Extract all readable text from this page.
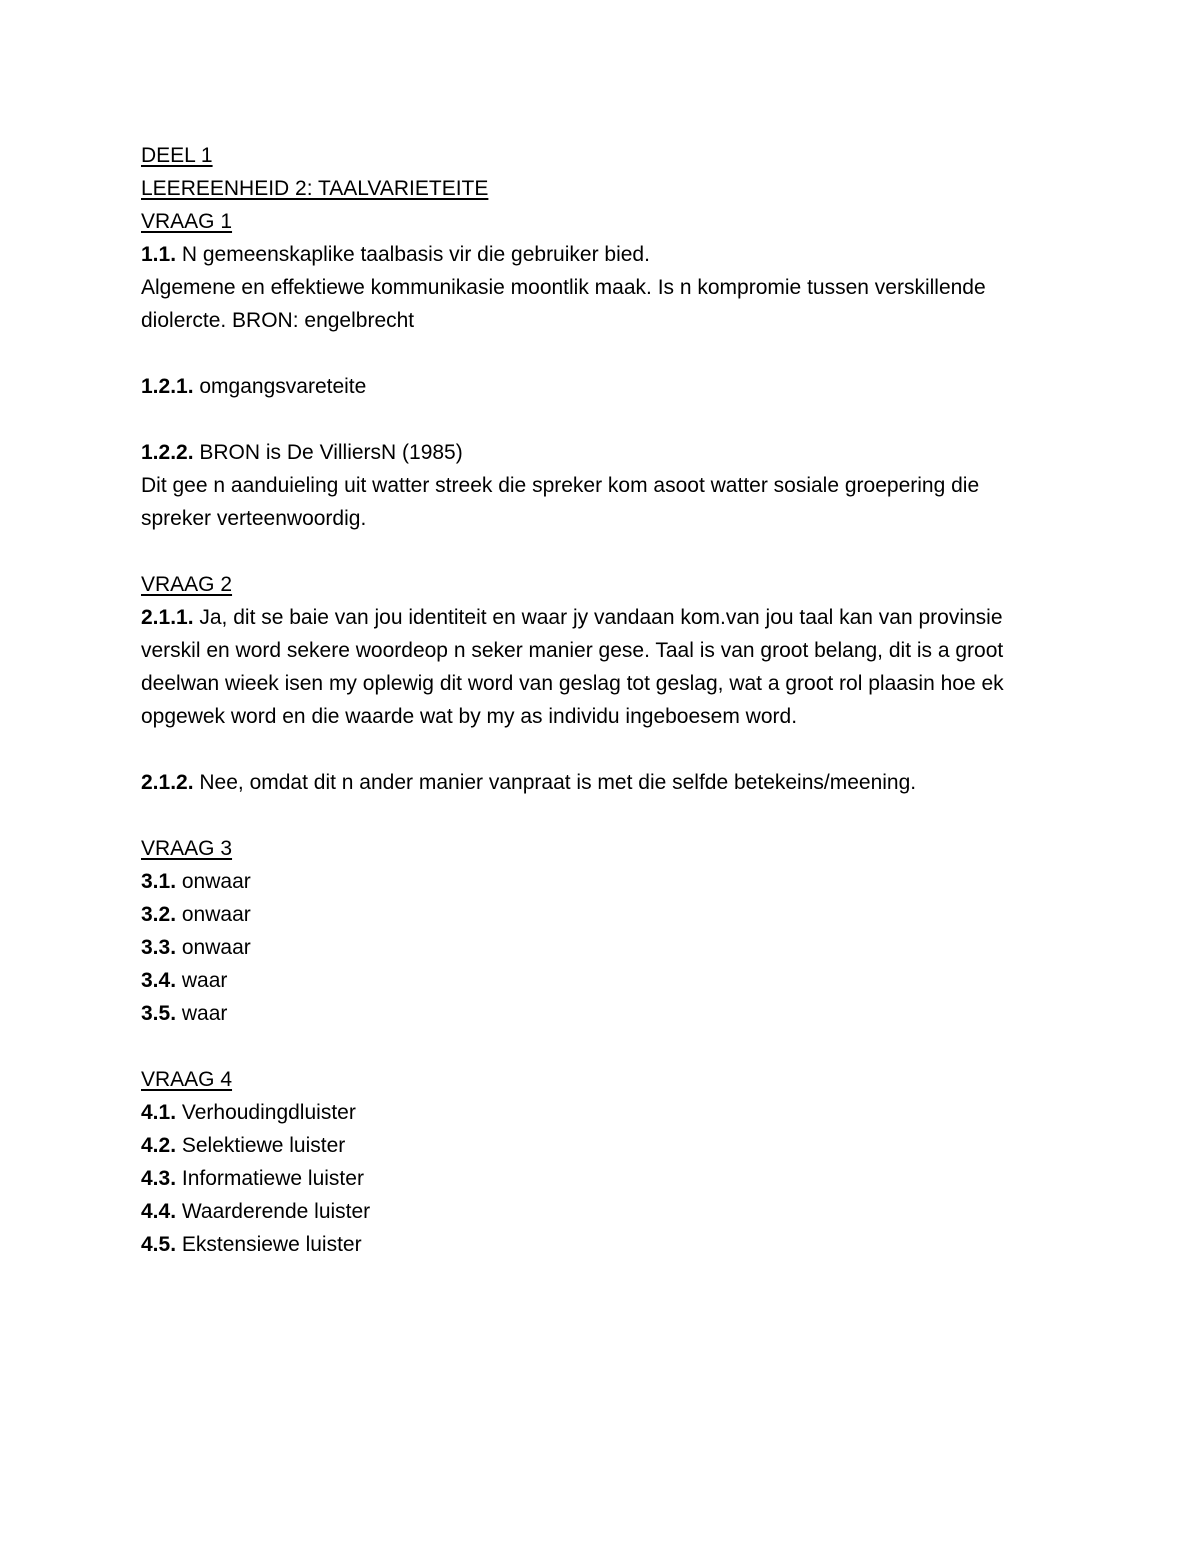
DEEL 1
LEEREENHEID 2: TAALVARIETEITE
VRAAG 1
1.1. N gemeenskaplike taalbasis vir die gebruiker bied.
Algemene en effektiewe kommunikasie moontlik maak. Is n kompromie tussen verskillende
diolercte. BRON: engelbrecht
1.2.1. omgangsvareteite
1.2.2. BRON is De VilliersN (1985)
Dit gee n aanduieling uit watter streek die spreker kom asoot watter sosiale groepering die
spreker verteenwoordig.
VRAAG 2
2.1.1. Ja, dit se baie van jou identiteit en waar jy vandaan kom.van jou taal kan van provinsie
verskil en word sekere woordeop n seker manier gese. Taal is van groot belang, dit is a groot
deelwan wieek isen my oplewig dit word van geslag tot geslag, wat a groot rol plaasin hoe ek
opgewek word en die waarde wat by my as individu ingeboesem word.
2.1.2. Nee, omdat dit n ander manier vanpraat is met die selfde betekeins/meening.
VRAAG 3
3.1. onwaar
3.2. onwaar
3.3. onwaar
3.4. waar
3.5. waar
VRAAG 4
4.1. Verhoudingdluister
4.2. Selektiewe luister
4.3. Informatiewe luister
4.4. Waarderende luister
4.5. Ekstensiewe luister
